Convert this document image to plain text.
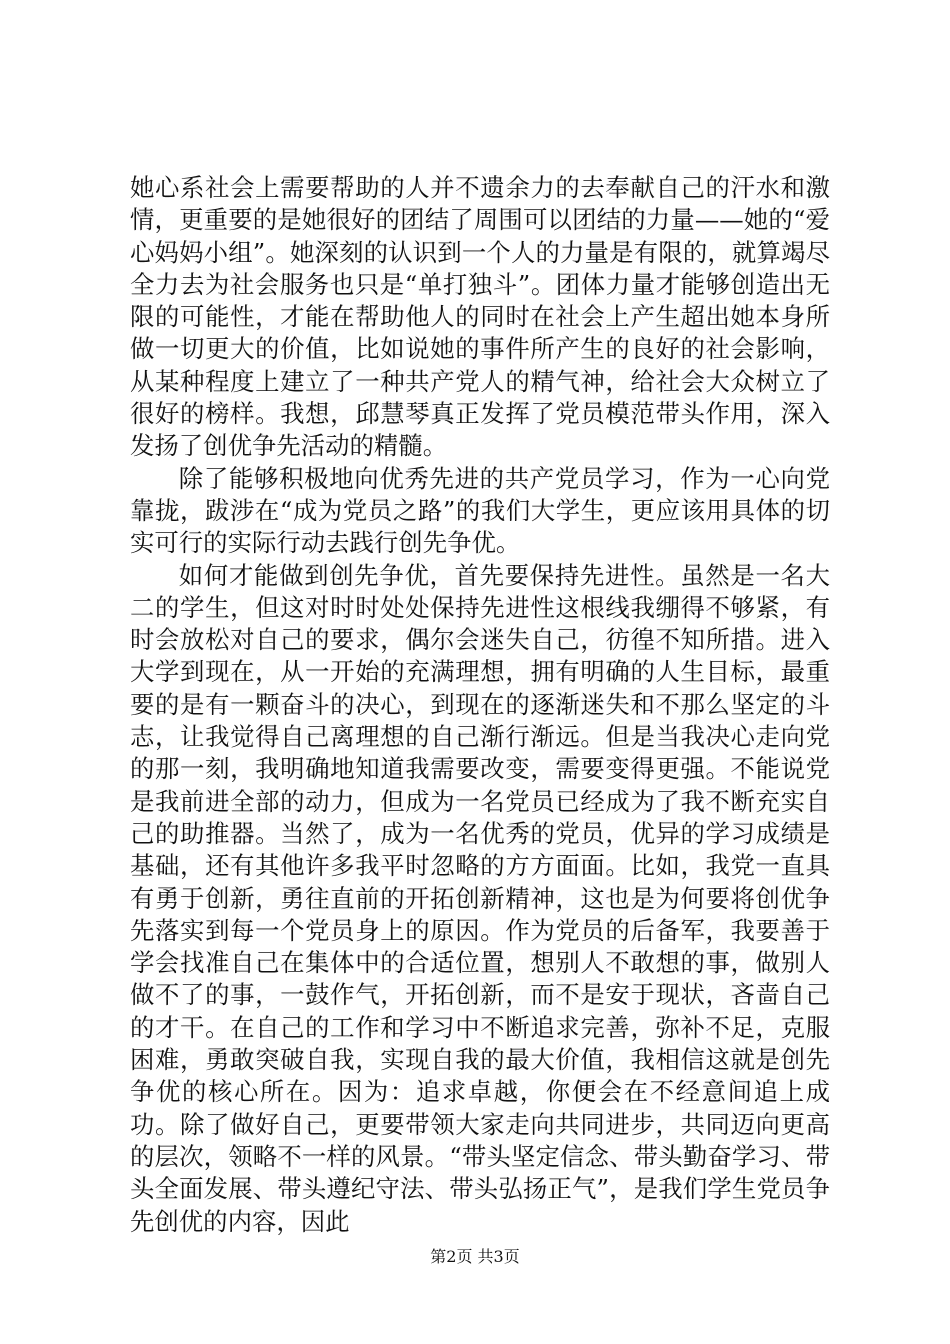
她心系社会上需要帮助的人并不遗余力的去奉献自己的汗水和激情，更重要的是她很好的团结了周围可以团结的力量——她的“爱心妈妈小组”。她深刻的认识到一个人的力量是有限的，就算竭尽全力去为社会服务也只是“单打独斗”。团体力量才能够创造出无限的可能性，才能在帮助他人的同时在社会上产生超出她本身所做一切更大的价值，比如说她的事件所产生的良好的社会影响，从某种程度上建立了一种共产党人的精气神，给社会大众树立了很好的榜样。我想，邱慧琴真正发挥了党员模范带头作用，深入发扬了创优争先活动的精髓。

除了能够积极地向优秀先进的共产党员学习，作为一心向党靠拢，跋涉在“成为党员之路”的我们大学生，更应该用具体的切实可行的实际行动去践行创先争优。

如何才能做到创先争优，首先要保持先进性。虽然是一名大二的学生，但这对时时处处保持先进性这根线我绷得不够紧，有时会放松对自己的要求，偶尔会迷失自己，彷徨不知所措。进入大学到现在，从一开始的充满理想，拥有明确的人生目标，最重要的是有一颗奋斗的决心，到现在的逐渐迷失和不那么坚定的斗志，让我觉得自己离理想的自己渐行渐远。但是当我决心走向党的那一刻，我明确地知道我需要改变，需要变得更强。不能说党是我前进全部的动力，但成为一名党员已经成为了我不断充实自己的助推器。当然了，成为一名优秀的党员，优异的学习成绩是基础，还有其他许多我平时忽略的方方面面。比如，我党一直具有勇于创新，勇往直前的开拓创新精神，这也是为何要将创优争先落实到每一个党员身上的原因。作为党员的后备军，我要善于学会找准自己在集体中的合适位置，想别人不敢想的事，做别人做不了的事，一鼓作气，开拓创新，而不是安于现状，吝啬自己的才干。在自己的工作和学习中不断追求完善，弥补不足，克服困难，勇敢突破自我，实现自我的最大价值，我相信这就是创先争优的核心所在。因为：追求卓越，你便会在不经意间追上成功。除了做好自己，更要带领大家走向共同进步，共同迈向更高的层次，领略不一样的风景。“带头坚定信念、带头勤奋学习、带头全面发展、带头遵纪守法、带头弘扬正气”，是我们学生党员争先创优的内容，因此

第2页 共3页
